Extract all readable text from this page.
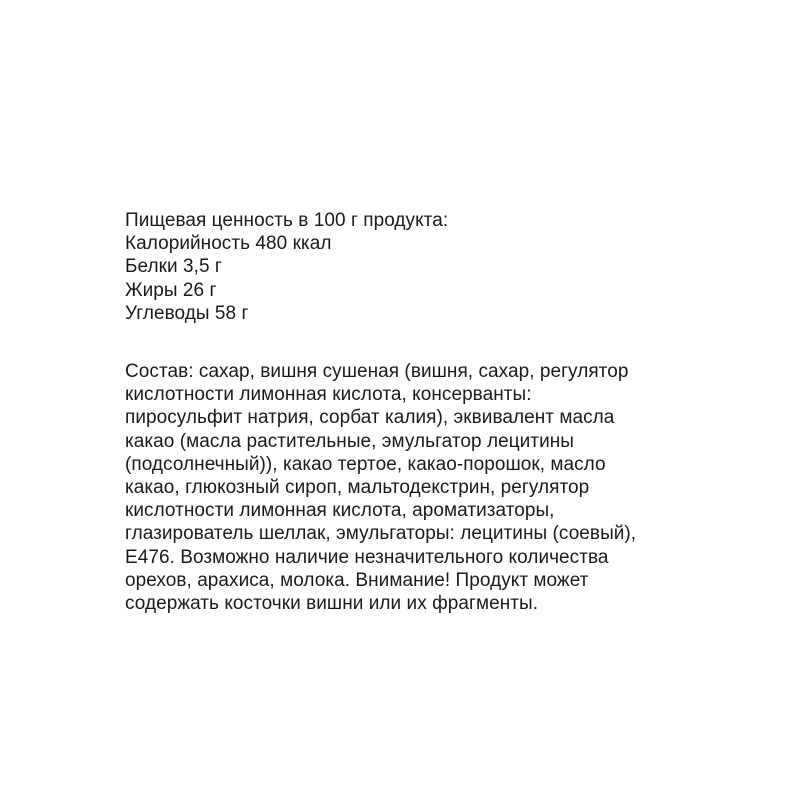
Пищевая ценность в 100 г продукта:
Калорийность 480 ккал
Белки 3,5 г
Жиры 26 г
Углеводы 58 г
Состав: сахар, вишня сушеная (вишня, сахар, регулятор
кислотности лимонная кислота, консерванты:
пиросульфит натрия, сорбат калия), эквивалент масла
какао (масла растительные, эмульгатор лецитины
(подсолнечный)), какао тертое, какао-порошок, масло
какао, глюкозный сироп, мальтодекстрин, регулятор
кислотности лимонная кислота, ароматизаторы,
глазирователь шеллак, эмульгаторы: лецитины (соевый),
Е476. Возможно наличие незначительного количества
орехов, арахиса, молока. Внимание! Продукт может
содержать косточки вишни или их фрагменты.
